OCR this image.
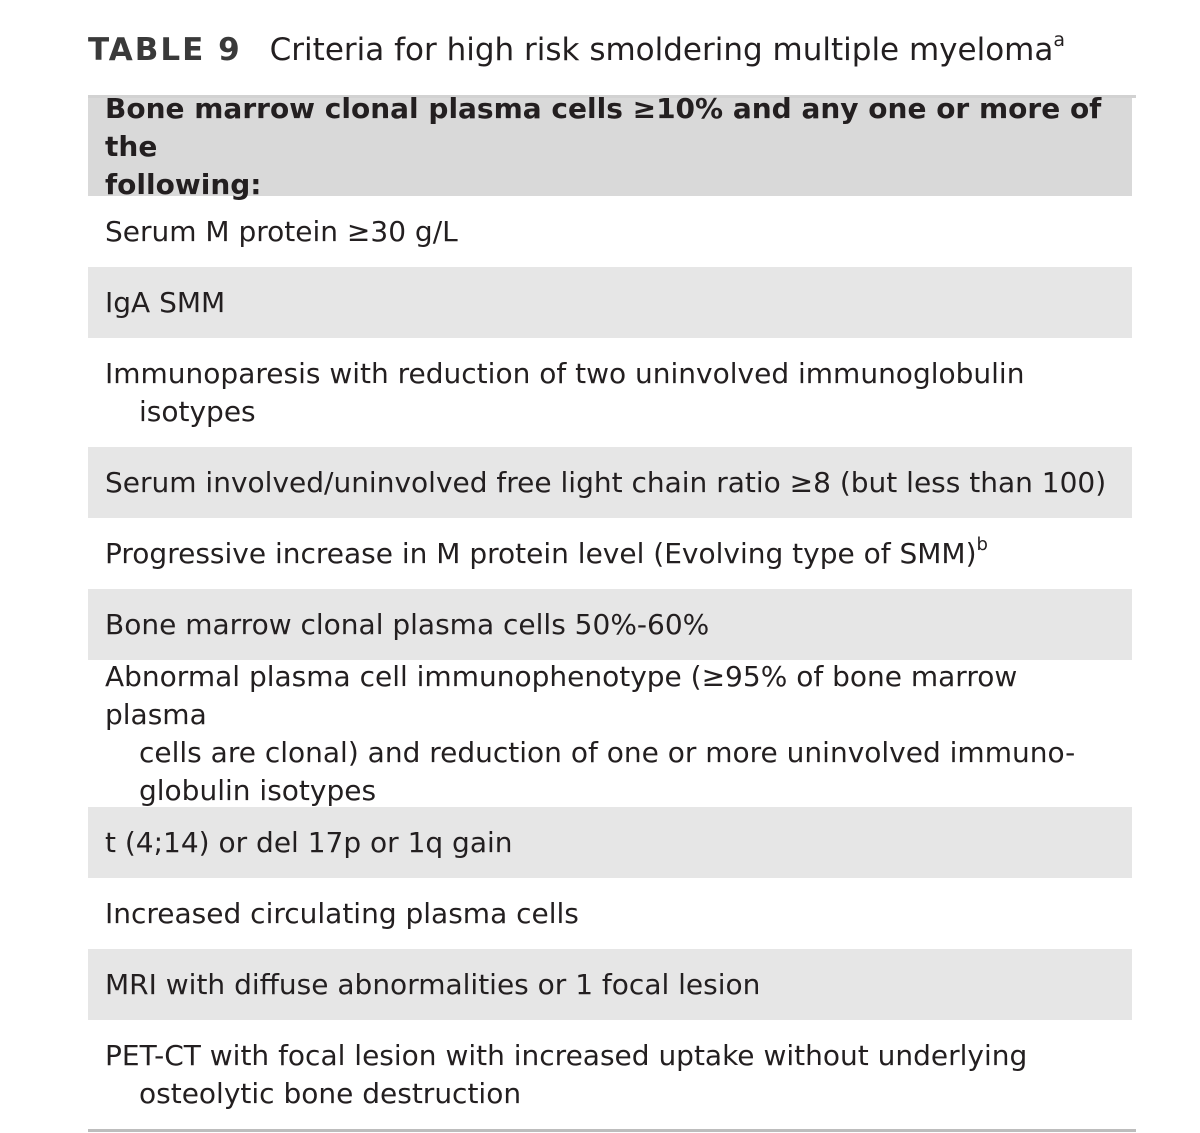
TABLE 9 Criteria for high risk smoldering multiple myeloma$^a$
Bone marrow clonal plasma cells ≥10% and any one or more of the
following:
Serum M protein ≥30 g/L
IgA SMM
Immunoparesis with reduction of two uninvolved immunoglobulin
isotypes
Serum involved/uninvolved free light chain ratio ≥8 (but less than 100)
Progressive increase in M protein level (Evolving type of SMM)$^b$
Bone marrow clonal plasma cells 50%-60%
Abnormal plasma cell immunophenotype (≥95% of bone marrow plasma
cells are clonal) and reduction of one or more uninvolved immuno-
globulin isotypes
t (4;14) or del 17p or 1q gain
Increased circulating plasma cells
MRI with diffuse abnormalities or 1 focal lesion
PET-CT with focal lesion with increased uptake without underlying
osteolytic bone destruction
